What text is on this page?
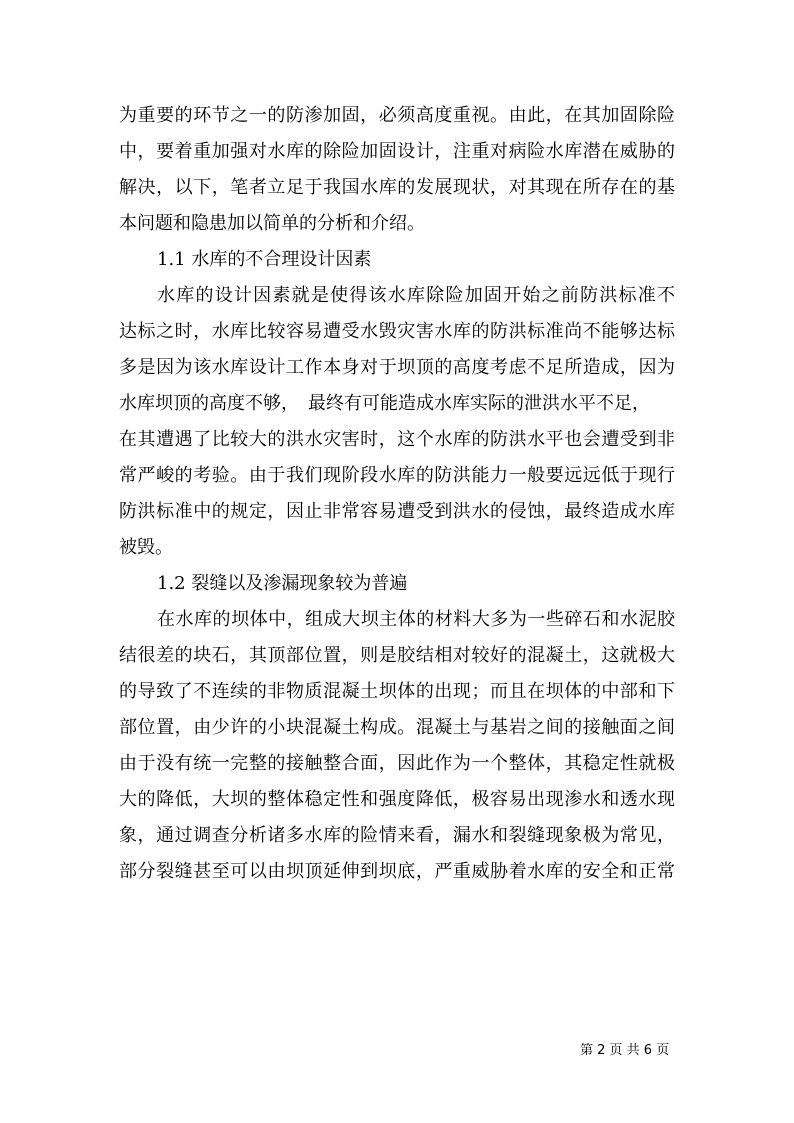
为重要的环节之一的防渗加固，必须高度重视。由此，在其加固除险
中，要着重加强对水库的除险加固设计，注重对病险水库潜在威胁的
解决，以下，笔者立足于我国水库的发展现状，对其现在所存在的基
本问题和隐患加以简单的分析和介绍。
1.1 水库的不合理设计因素
水库的设计因素就是使得该水库除险加固开始之前防洪标准不
达标之时，水库比较容易遭受水毁灾害水库的防洪标准尚不能够达标
多是因为该水库设计工作本身对于坝顶的高度考虑不足所造成，因为
水库坝顶的高度不够，　最终有可能造成水库实际的泄洪水平不足，
在其遭遇了比较大的洪水灾害时，这个水库的防洪水平也会遭受到非
常严峻的考验。由于我们现阶段水库的防洪能力一般要远远低于现行
防洪标准中的规定，因止非常容易遭受到洪水的侵蚀，最终造成水库
被毁。
1.2 裂缝以及渗漏现象较为普遍
在水库的坝体中，组成大坝主体的材料大多为一些碎石和水泥胶
结很差的块石，其顶部位置，则是胶结相对较好的混凝土，这就极大
的导致了不连续的非物质混凝土坝体的出现；而且在坝体的中部和下
部位置，由少许的小块混凝土构成。混凝土与基岩之间的接触面之间
由于没有统一完整的接触整合面，因此作为一个整体，其稳定性就极
大的降低，大坝的整体稳定性和强度降低，极容易出现渗水和透水现
象，通过调查分析诸多水库的险情来看，漏水和裂缝现象极为常见，
部分裂缝甚至可以由坝顶延伸到坝底，严重威胁着水库的安全和正常
第 2 页 共 6 页
